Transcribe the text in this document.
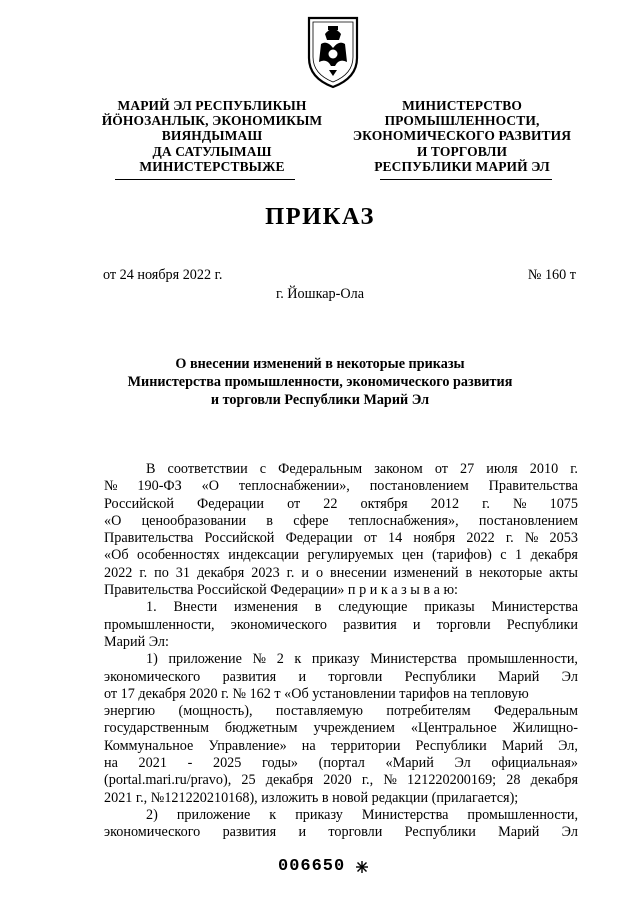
МАРИЙ ЭЛ РЕСПУБЛИКЫН
ЙӦНОЗАНЛЫК, ЭКОНОМИКЫМ
ВИЯНДЫМАШ
ДА САТУЛЫМАШ
МИНИСТЕРСТВЫЖЕ
МИНИСТЕРСТВО
ПРОМЫШЛЕННОСТИ,
ЭКОНОМИЧЕСКОГО РАЗВИТИЯ
И ТОРГОВЛИ
РЕСПУБЛИКИ МАРИЙ ЭЛ
ПРИКАЗ
от 24 ноября 2022 г.	№ 160 т
г. Йошкар-Ола
О внесении изменений в некоторые приказы
Министерства промышленности, экономического развития
и торговли Республики Марий Эл
В соответствии с Федеральным законом от 27 июля 2010 г.
№ 190-ФЗ «О теплоснабжении», постановлением Правительства
Российской Федерации от 22 октября 2012 г. № 1075
«О ценообразовании в сфере теплоснабжения», постановлением
Правительства Российской Федерации от 14 ноября 2022 г. № 2053
«Об особенностях индексации регулируемых цен (тарифов) с 1 декабря
2022 г. по 31 декабря 2023 г. и о внесении изменений в некоторые акты
Правительства Российской Федерации» п р и к а з ы в а ю:
1. Внести изменения в следующие приказы Министерства
промышленности, экономического развития и торговли Республики
Марий Эл:
1) приложение № 2 к приказу Министерства промышленности,
экономического развития и торговли Республики Марий Эл
от 17 декабря 2020 г. № 162 т «Об установлении тарифов на тепловую
энергию (мощность), поставляемую потребителям Федеральным
государственным бюджетным учреждением «Центральное Жилищно-
Коммунальное Управление» на территории Республики Марий Эл,
на 2021 - 2025 годы» (портал «Марий Эл официальная»
(portal.mari.ru/pravo), 25 декабря 2020 г., № 121220200169; 28 декабря
2021 г., №121220210168), изложить в новой редакции (прилагается);
2) приложение к приказу Министерства промышленности,
экономического развития и торговли Республики Марий Эл
006650
